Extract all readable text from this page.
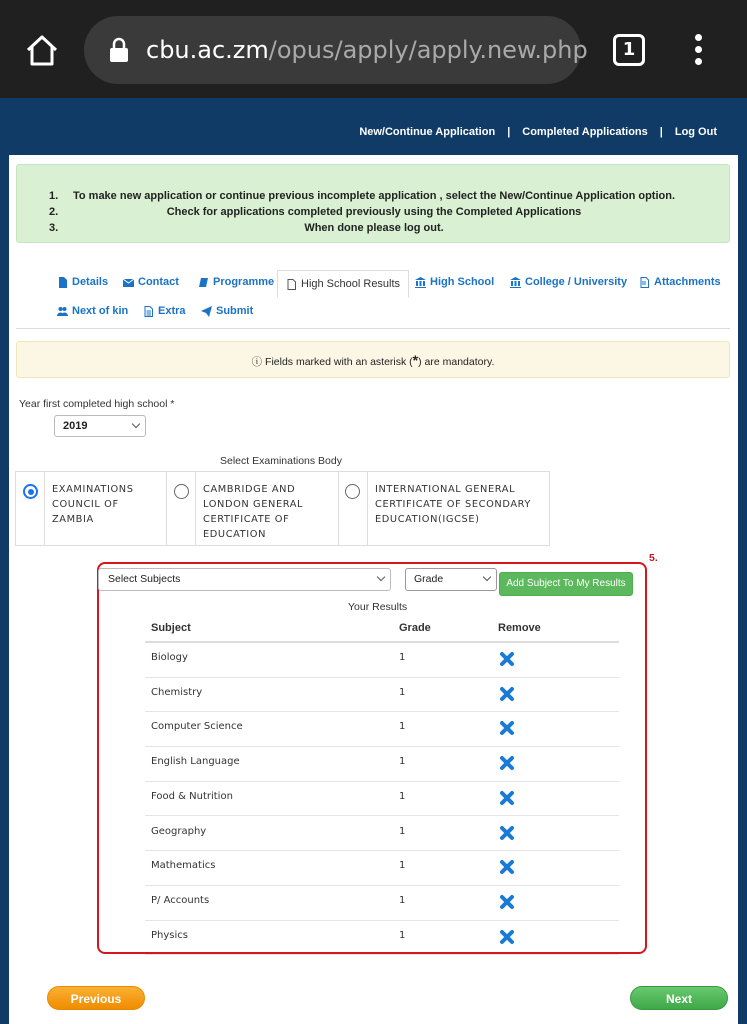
cbu.ac.zm/opus/apply/apply.new.php	1
New/Continue Application | Completed Applications | Log Out
1.	To make new application or continue previous incomplete application , select the New/Continue Application option.
2.	Check for applications completed previously using the Completed Applications
3.	When done please log out.
Details	Contact	Programme High School Results	High School	College / University Attachments
Next of kin	Extra	Submit
ⓘ Fields marked with an asterisk (*) are mandatory.
Year first completed high school *
2019
Select Examinations Body
EXAMINATIONS
COUNCIL OF
ZAMBIA
CAMBRIDGE AND
LONDON GENERAL
CERTIFICATE OF
EDUCATION
INTERNATIONAL GENERAL
CERTIFICATE OF SECONDARY
EDUCATION(IGCSE)
5.
Select Subjects	Grade	Add Subject To My Results
Your Results
Subject	Grade	Remove
Biology	1
Chemistry	1
Computer Science	1
English Language	1
Food & Nutrition	1
Geography	1
Mathematics	1
P/ Accounts	1
Physics	1
Previous	Next
